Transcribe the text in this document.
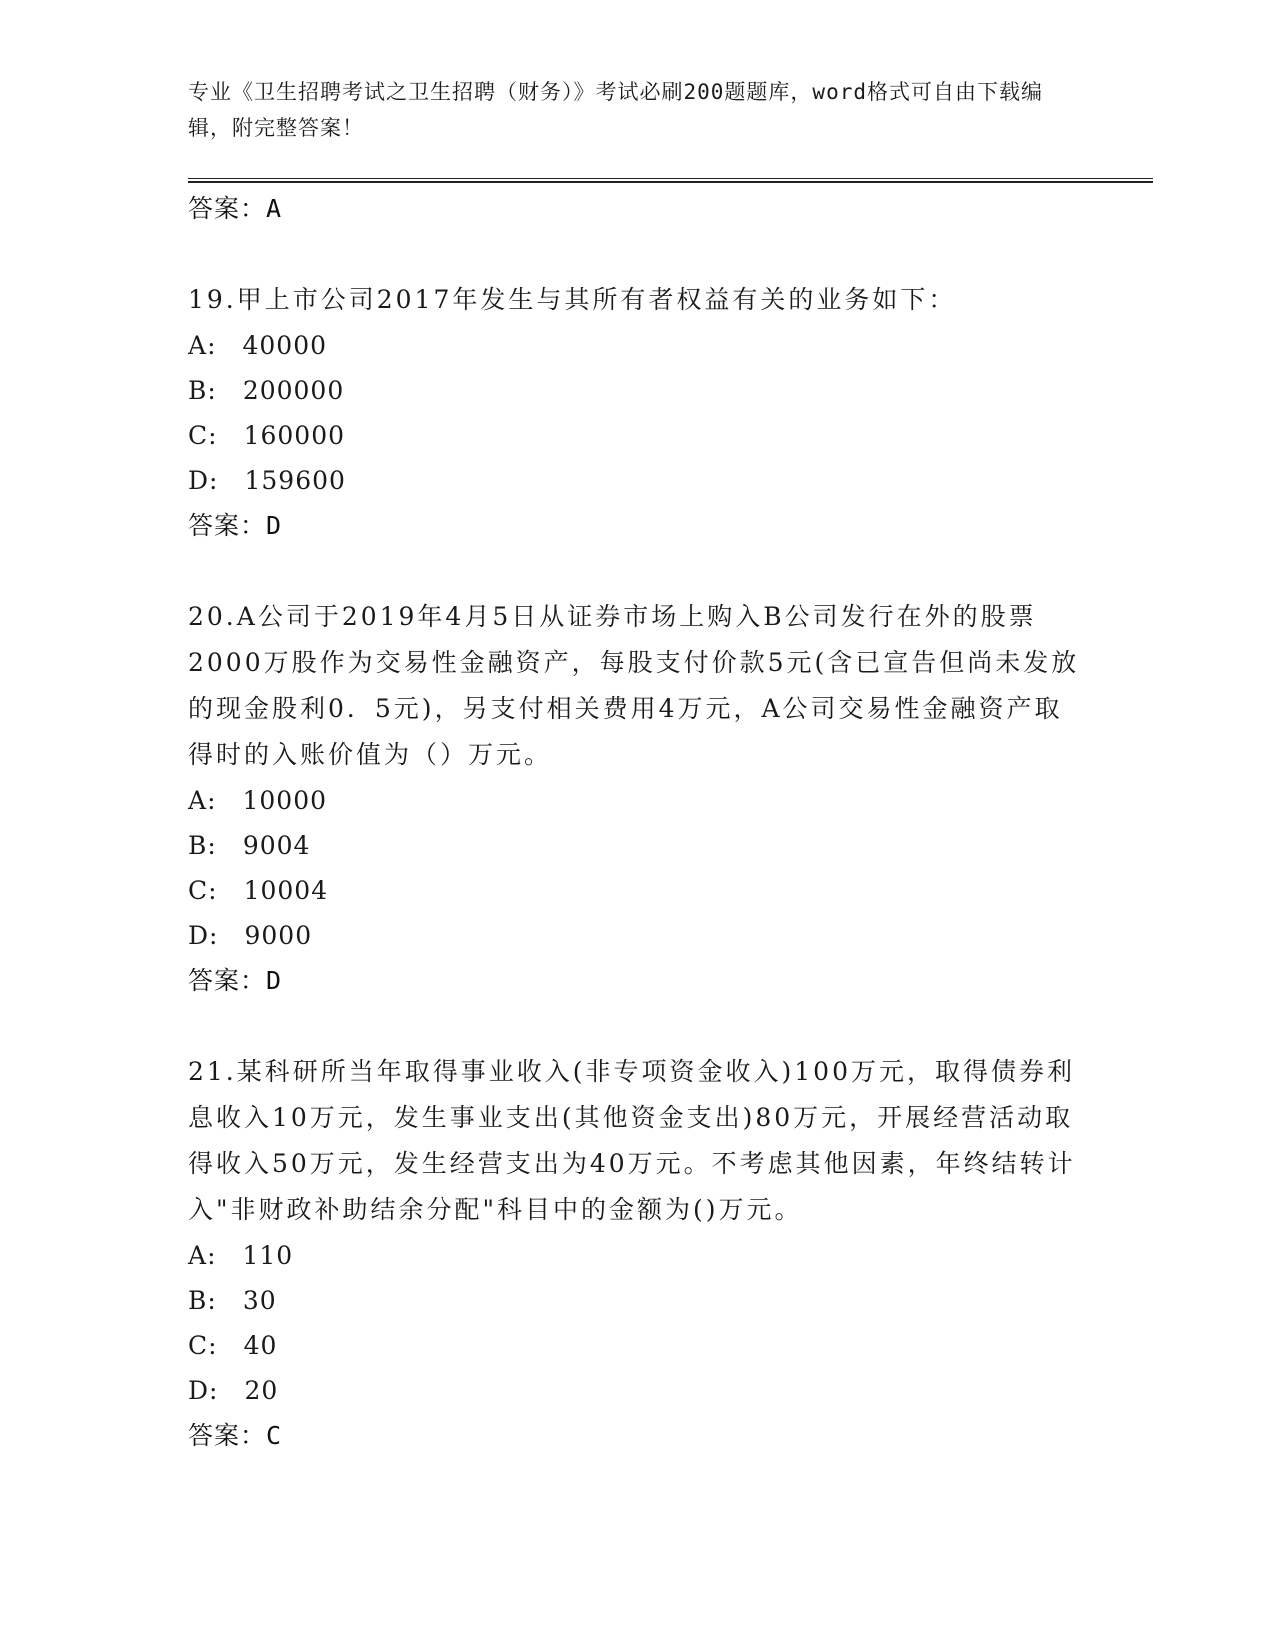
专业《卫生招聘考试之卫生招聘（财务）》考试必刷200题题库，word格式可自由下载编辑，附完整答案！
答案：A

19.甲上市公司2017年发生与其所有者权益有关的业务如下：

A: 40000
B: 200000
C: 160000
D: 159600
答案：D

20.A公司于2019年4月5日从证券市场上购入B公司发行在外的股票2000万股作为交易性金融资产，每股支付价款5元(含已宣告但尚未发放的现金股利0．5元)，另支付相关费用4万元，A公司交易性金融资产取得时的入账价值为（）万元。

A: 10000
B: 9004
C: 10004
D: 9000
答案：D

21.某科研所当年取得事业收入(非专项资金收入)100万元，取得债券利息收入10万元，发生事业支出(其他资金支出)80万元，开展经营活动取得收入50万元，发生经营支出为40万元。不考虑其他因素，年终结转计入"非财政补助结余分配"科目中的金额为()万元。

A: 110
B: 30
C: 40
D: 20
答案：C
